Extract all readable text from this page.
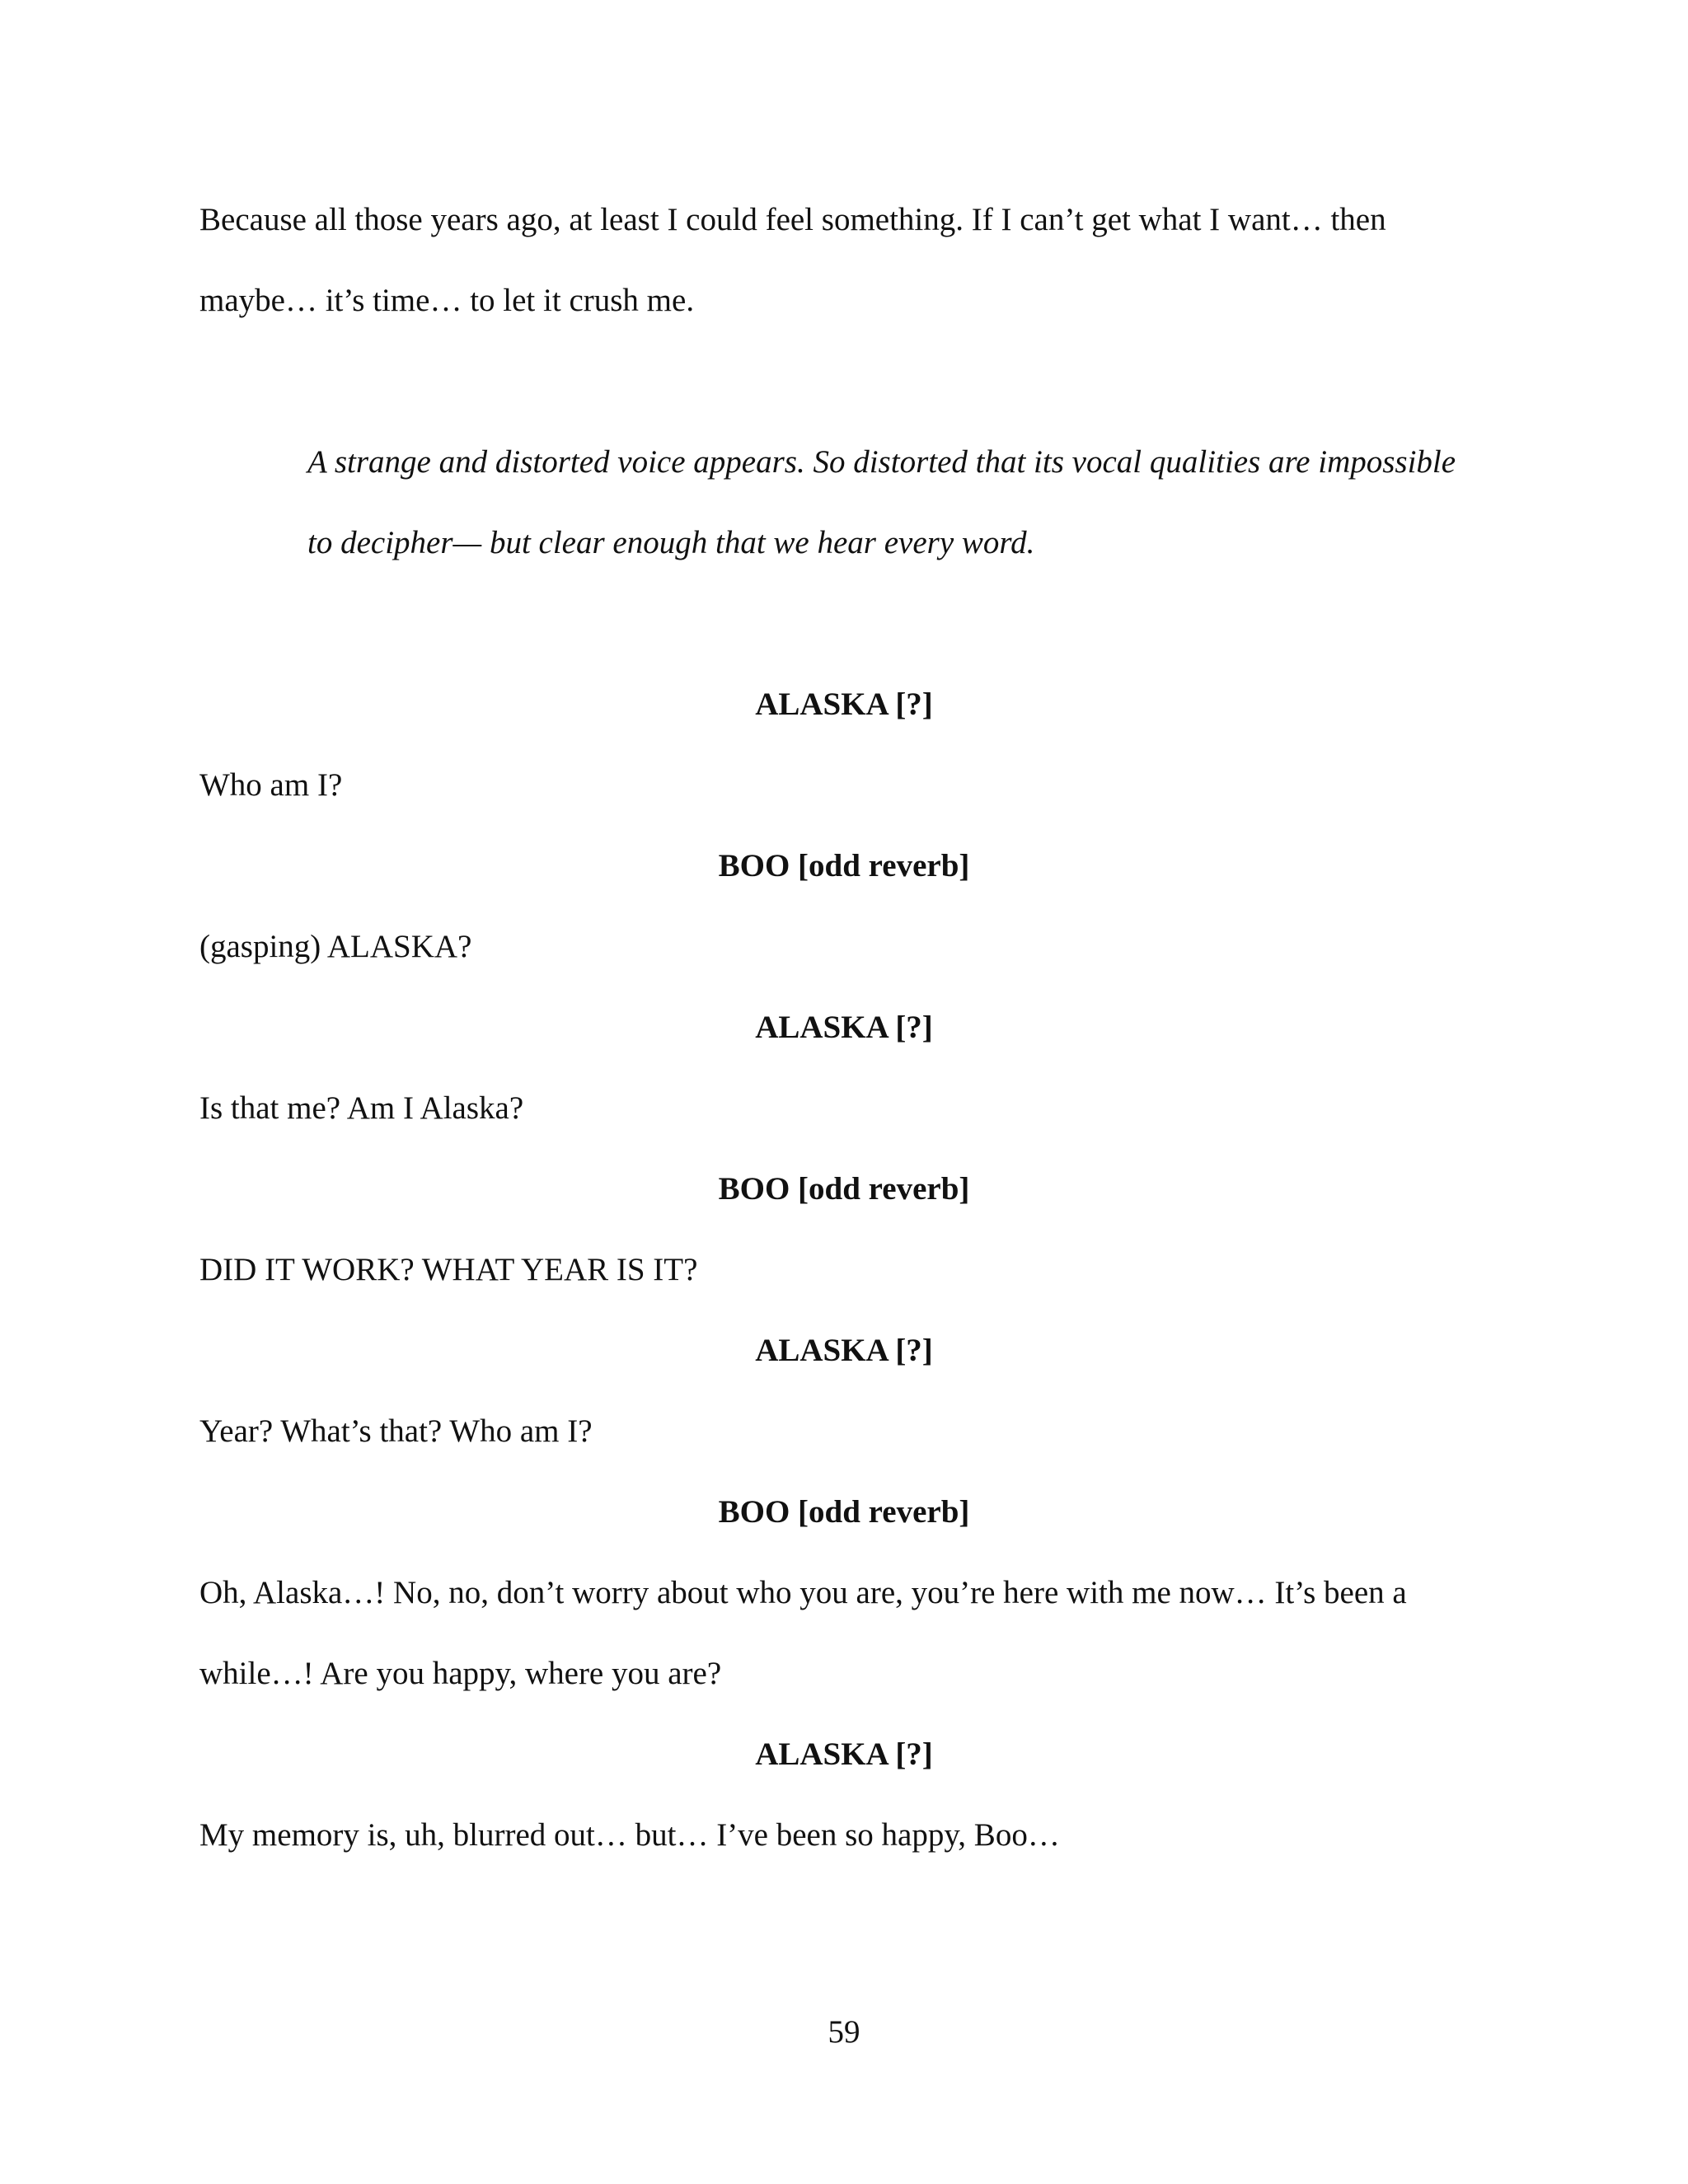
Because all those years ago, at least I could feel something. If I can’t get what I want… then
maybe… it’s time… to let it crush me.
A strange and distorted voice appears. So distorted that its vocal qualities are impossible
to decipher— but clear enough that we hear every word.
ALASKA [?]
Who am I?
BOO [odd reverb]
(gasping) ALASKA?
ALASKA [?]
Is that me? Am I Alaska?
BOO [odd reverb]
DID IT WORK? WHAT YEAR IS IT?
ALASKA [?]
Year? What’s that? Who am I?
BOO [odd reverb]
Oh, Alaska…! No, no, don’t worry about who you are, you’re here with me now… It’s been a
while…! Are you happy, where you are?
ALASKA [?]
My memory is, uh, blurred out… but… I’ve been so happy, Boo…
59
